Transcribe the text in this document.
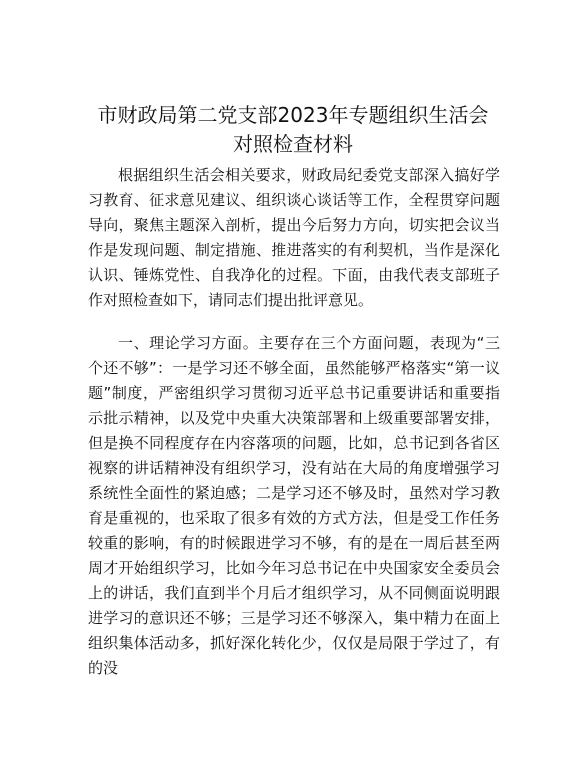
市财政局第二党支部2023年专题组织生活会对照检查材料

根据组织生活会相关要求，财政局纪委党支部深入搞好学习教育、征求意见建议、组织谈心谈话等工作，全程贯穿问题导向，聚焦主题深入剖析，提出今后努力方向，切实把会议当作是发现问题、制定措施、推进落实的有利契机，当作是深化认识、锤炼党性、自我净化的过程。下面，由我代表支部班子作对照检查如下，请同志们提出批评意见。

一、理论学习方面。主要存在三个方面问题，表现为“三个还不够”：一是学习还不够全面，虽然能够严格落实“第一议题”制度，严密组织学习贯彻习近平总书记重要讲话和重要指示批示精神，以及党中央重大决策部署和上级重要部署安排，但是换不同程度存在内容落项的问题，比如，总书记到各省区视察的讲话精神没有组织学习，没有站在大局的角度增强学习系统性全面性的紧迫感；二是学习还不够及时，虽然对学习教育是重视的，也采取了很多有效的方式方法，但是受工作任务较重的影响，有的时候跟进学习不够，有的是在一周后甚至两周才开始组织学习，比如今年习总书记在中央国家安全委员会上的讲话，我们直到半个月后才组织学习，从不同侧面说明跟进学习的意识还不够；三是学习还不够深入，集中精力在面上组织集体活动多，抓好深化转化少，仅仅是局限于学过了，有的没
